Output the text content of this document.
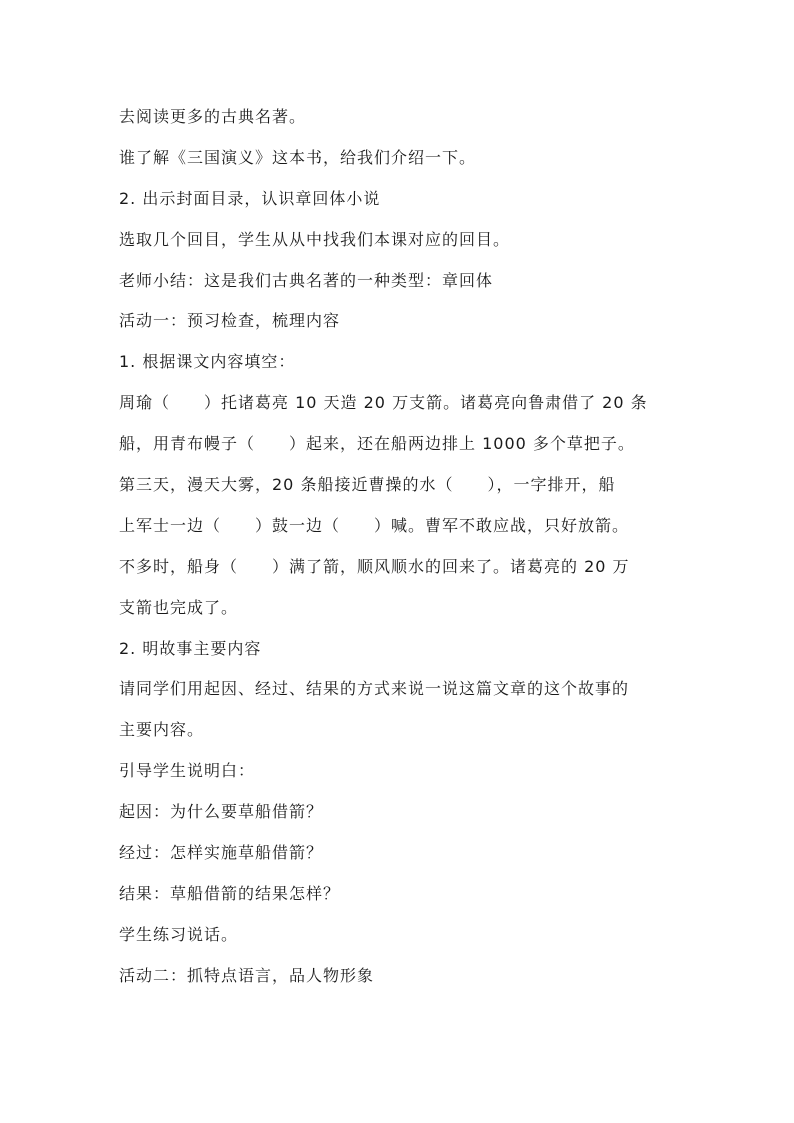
去阅读更多的古典名著。
谁了解《三国演义》这本书，给我们介绍一下。
2. 出示封面目录，认识章回体小说
选取几个回目，学生从从中找我们本课对应的回目。
老师小结：这是我们古典名著的一种类型：章回体
活动一：预习检查，梳理内容
1. 根据课文内容填空：
周瑜（　　）托诸葛亮 10 天造 20 万支箭。诸葛亮向鲁肃借了 20 条
船，用青布幔子（　　）起来，还在船两边排上 1000 多个草把子。
第三天，漫天大雾，20 条船接近曹操的水（　　），一字排开，船
上军士一边（　　）鼓一边（　　）喊。曹军不敢应战，只好放箭。
不多时，船身（　　）满了箭，顺风顺水的回来了。诸葛亮的 20 万
支箭也完成了。
2. 明故事主要内容
请同学们用起因、经过、结果的方式来说一说这篇文章的这个故事的
主要内容。
引导学生说明白：
起因：为什么要草船借箭？
经过：怎样实施草船借箭？
结果：草船借箭的结果怎样？
学生练习说话。
活动二：抓特点语言，品人物形象
